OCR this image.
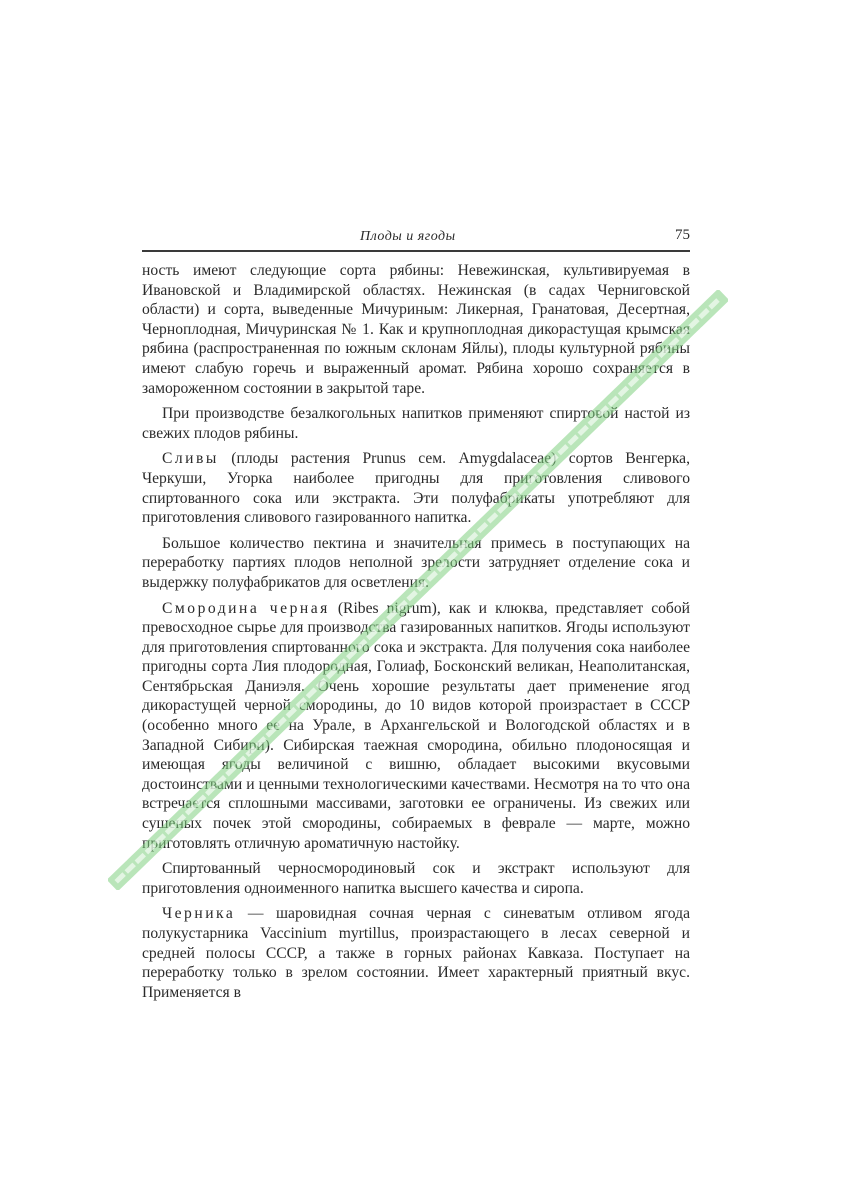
Плоды и ягоды	75

ность имеют следующие сорта рябины: Невежинская, культивируемая в Ивановской и Владимирской областях. Нежинская (в садах Черниговской области) и сорта, выведенные Мичуриным: Ликерная, Гранатовая, Десертная, Черноплодная, Мичуринская № 1. Как и крупноплодная дикорастущая крымская рябина (распространенная по южным склонам Яйлы), плоды культурной рябины имеют слабую горечь и выраженный аромат. Рябина хорошо сохраняется в замороженном состоянии в закрытой таре.

При производстве безалкогольных напитков применяют спиртовой настой из свежих плодов рябины.

Сливы (плоды растения Prunus сем. Amygdalaceae) сортов Венгерка, Черкуши, Угорка наиболее пригодны для приготовления сливового спиртованного сока или экстракта. Эти полуфабрикаты употребляют для приготовления сливового газированного напитка.

Большое количество пектина и значительная примесь в поступающих на переработку партиях плодов неполной зрелости затрудняет отделение сока и выдержку полуфабрикатов для осветления.

Смородина черная (Ribes nigrum), как и клюква, представляет собой превосходное сырье для производства газированных напитков. Ягоды используют для приготовления спиртованного сока и экстракта. Для получения сока наиболее пригодны сорта Лия плодородная, Голиаф, Босконский великан, Неаполитанская, Сентябрьская Даниэля. Очень хорошие результаты дает применение ягод дикорастущей черной смородины, до 10 видов которой произрастает в СССР (особенно много ее на Урале, в Архангельской и Вологодской областях и в Западной Сибири). Сибирская таежная смородина, обильно плодоносящая и имеющая ягоды величиной с вишню, обладает высокими вкусовыми достоинствами и ценными технологическими качествами. Несмотря на то что она встречается сплошными массивами, заготовки ее ограничены. Из свежих или сушеных почек этой смородины, собираемых в феврале — марте, можно приготовлять отличную ароматичную настойку.

Спиртованный черносмородиновый сок и экстракт используют для приготовления одноименного напитка высшего качества и сиропа.

Черника — шаровидная сочная черная с синеватым отливом ягода полукустарника Vaccinium myrtillus, произрастающего в лесах северной и средней полосы СССР, а также в горных районах Кавказа. Поступает на переработку только в зрелом состоянии. Имеет характерный приятный вкус. Применяется в
